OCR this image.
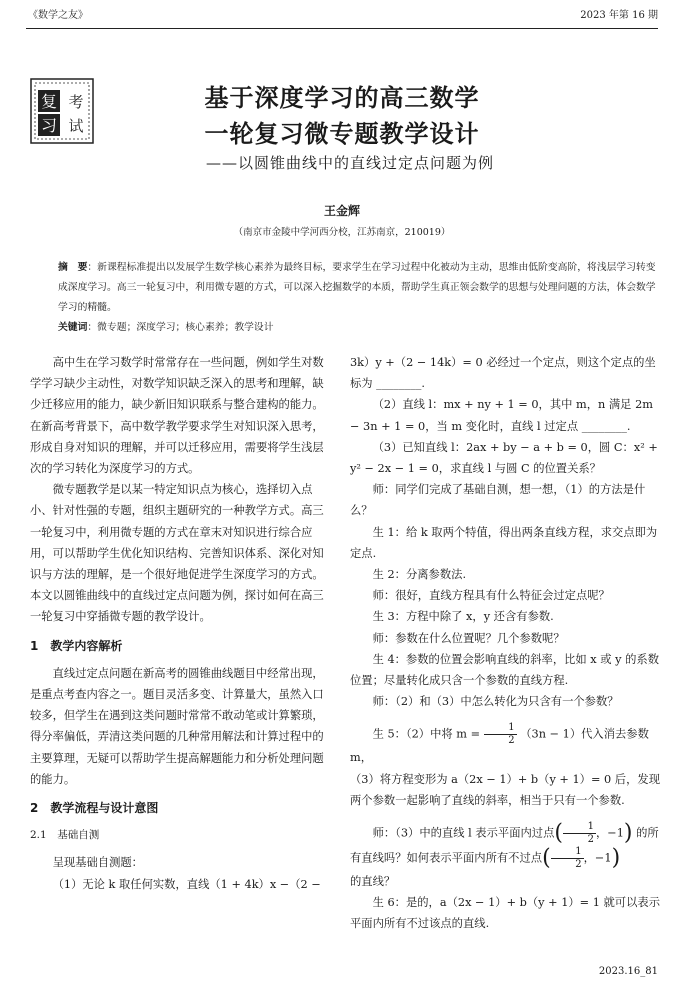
《数学之友》	2023 年第 16 期
复
习
考
试
基于深度学习的高三数学
一轮复习微专题教学设计
——以圆锥曲线中的直线过定点问题为例
王金辉
（南京市金陵中学河西分校，江苏南京，210019）
摘　要：新课程标准提出以发展学生数学核心素养为最终目标，要求学生在学习过程中化被动为主动，思维由低阶变高阶，将浅层学习转变成深度学习。高三一轮复习中，利用微专题的方式，可以深入挖掘数学的本质，帮助学生真正领会数学的思想与处理问题的方法，体会数学学习的精髓。
关键词：微专题；深度学习；核心素养；教学设计

高中生在学习数学时常常存在一些问题，例如学生对数学学习缺少主动性，对数学知识缺乏深入的思考和理解，缺少迁移应用的能力，缺少新旧知识联系与整合建构的能力。在新高考背景下，高中数学教学要求学生对知识深入思考，形成自身对知识的理解，并可以迁移应用，需要将学生浅层次的学习转化为深度学习的方式。

微专题教学是以某一特定知识点为核心，选择切入点小、针对性强的专题，组织主题研究的一种教学方式。高三一轮复习中，利用微专题的方式在章末对知识进行综合应用，可以帮助学生优化知识结构、完善知识体系、深化对知识与方法的理解，是一个很好地促进学生深度学习的方式。本文以圆锥曲线中的直线过定点问题为例，探讨如何在高三一轮复习中穿插微专题的教学设计。

1　教学内容解析

直线过定点问题在新高考的圆锥曲线题目中经常出现，是重点考查内容之一。题目灵活多变、计算量大，虽然入口较多，但学生在遇到这类问题时常常不敢动笔或计算繁琐，得分率偏低，弄清这类问题的几种常用解法和计算过程中的主要算理，无疑可以帮助学生提高解题能力和分析处理问题的能力。

2　教学流程与设计意图

2.1　基础自测

呈现基础自测题：

（1）无论 k 取任何实数，直线（1 + 4k）x −（2 −

3k）y +（2 − 14k）= 0 必经过一个定点，则这个定点的坐标为 ________.

（2）直线 l：mx + ny + 1 = 0，其中 m，n 满足 2m − 3n + 1 = 0，当 m 变化时，直线 l 过定点 ________.

（3）已知直线 l：2ax + by − a + b = 0，圆 C：x² + y² − 2x − 1 = 0，求直线 l 与圆 C 的位置关系？

师：同学们完成了基础自测，想一想，（1）的方法是什么？

生 1：给 k 取两个特值，得出两条直线方程，求交点即为定点.

生 2：分离参数法.

师：很好，直线方程具有什么特征会过定点呢？

生 3：方程中除了 x，y 还含有参数.

师：参数在什么位置呢？几个参数呢？

生 4：参数的位置会影响直线的斜率，比如 x 或 y 的系数位置；尽量转化成只含一个参数的直线方程.

师：（2）和（3）中怎么转化为只含有一个参数？

生 5：（2）中将 $m = \frac{1}{2} (3n - 1)$代入消去参数 m，

（3）将方程变形为 a（2x − 1）+ b（y + 1）= 0 后，发现两个参数一起影响了直线的斜率，相当于只有一个参数.

师：（3）中的直线 l 表示平面内过点( $\frac{1}{2}$ ，−1) 的所有直线吗？如何表示平面内所有不过点( $\frac{1}{2}$ ，−1)

的直线？

生 6：是的，a（2x − 1）+ b（y + 1）= 1 就可以表示平面内所有不过该点的直线.

2023.16_81
